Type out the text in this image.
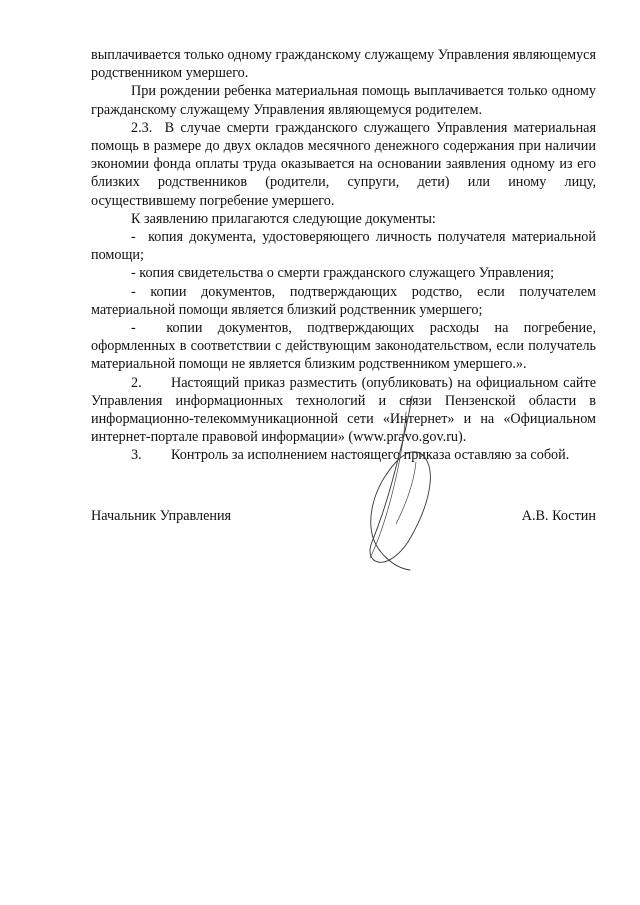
выплачивается только одному гражданскому служащему Управления являющемуся родственником умершего.

При рождении ребенка материальная помощь выплачивается только одному гражданскому служащему Управления являющемуся родителем.

2.3.  В случае смерти гражданского служащего Управления материальная помощь в размере до двух окладов месячного денежного содержания при наличии экономии фонда оплаты труда оказывается на основании заявления одному из его близких родственников (родители, супруги, дети) или иному лицу, осуществившему погребение умершего.

К заявлению прилагаются следующие документы:

-  копия документа, удостоверяющего личность получателя материальной помощи;

- копия свидетельства о смерти гражданского служащего Управления;

- копии документов, подтверждающих родство, если получателем материальной помощи является близкий родственник умершего;

-  копии документов, подтверждающих расходы на погребение, оформленных в соответствии с действующим законодательством, если получатель материальной помощи не является близким родственником умершего.».

2. Настоящий приказ разместить (опубликовать) на официальном сайте Управления информационных технологий и связи Пензенской области в информационно-телекоммуникационной сети «Интернет» и на «Официальном интернет-портале правовой информации» (www.pravo.gov.ru).

3. Контроль за исполнением настоящего приказа оставляю за собой.

Начальник Управления	А.В. Костин
